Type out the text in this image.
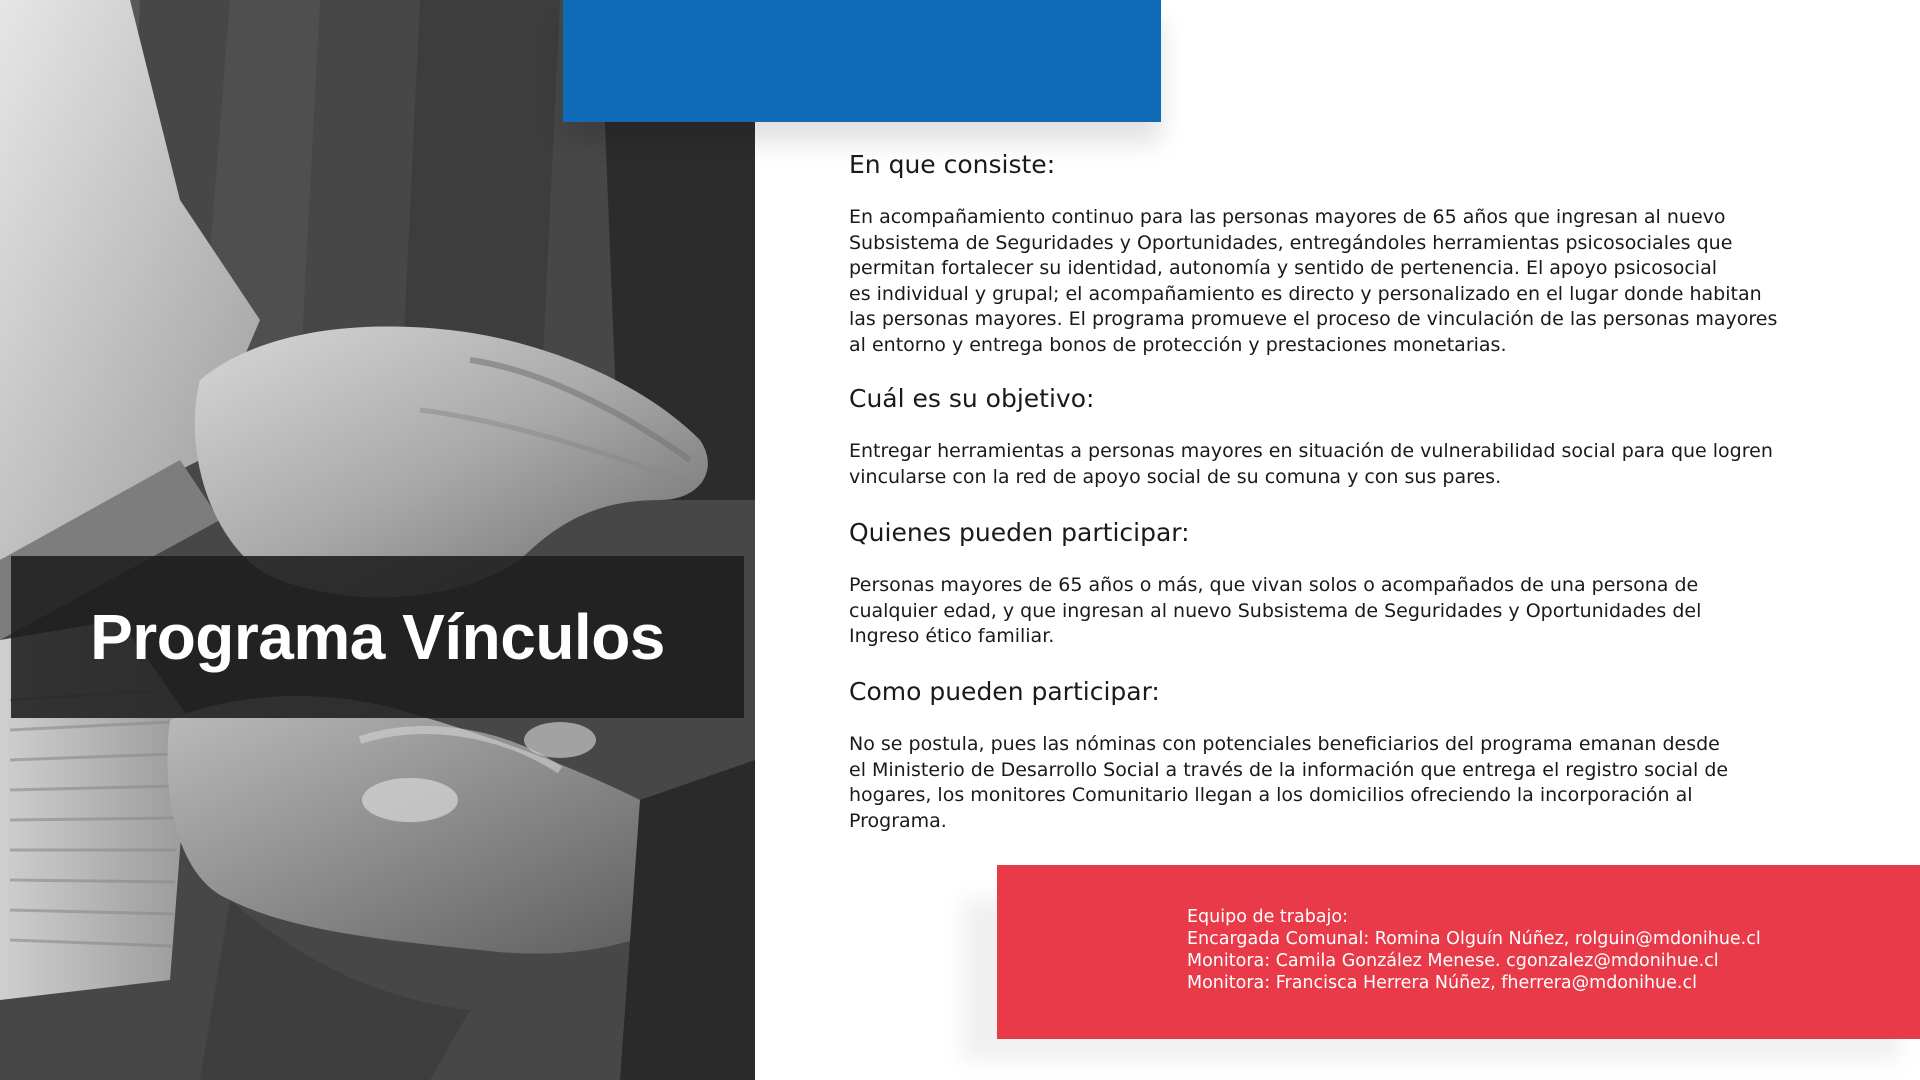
Programa Vínculos
En que consiste:

En acompañamiento continuo para las personas mayores de 65 años que ingresan al nuevo
Subsistema de Seguridades y Oportunidades, entregándoles herramientas psicosociales que
permitan fortalecer su identidad, autonomía y sentido de pertenencia. El apoyo psicosocial
es individual y grupal; el acompañamiento es directo y personalizado en el lugar donde habitan
las personas mayores. El programa promueve el proceso de vinculación de las personas mayores
al entorno y entrega bonos de protección y prestaciones monetarias.

Cuál es su objetivo:

Entregar herramientas a personas mayores en situación de vulnerabilidad social para que logren
vincularse con la red de apoyo social de su comuna y con sus pares.

Quienes pueden participar:

Personas mayores de 65 años o más, que vivan solos o acompañados de una persona de
cualquier edad, y que ingresan al nuevo Subsistema de Seguridades y Oportunidades del
Ingreso ético familiar.

Como pueden participar:

No se postula, pues las nóminas con potenciales beneficiarios del programa emanan desde
el Ministerio de Desarrollo Social a través de la información que entrega el registro social de
hogares, los monitores Comunitario llegan a los domicilios ofreciendo la incorporación al
Programa.

Equipo de trabajo:
Encargada Comunal: Romina Olguín Núñez, rolguin@mdonihue.cl
Monitora: Camila González Menese. cgonzalez@mdonihue.cl
Monitora: Francisca Herrera Núñez, fherrera@mdonihue.cl
